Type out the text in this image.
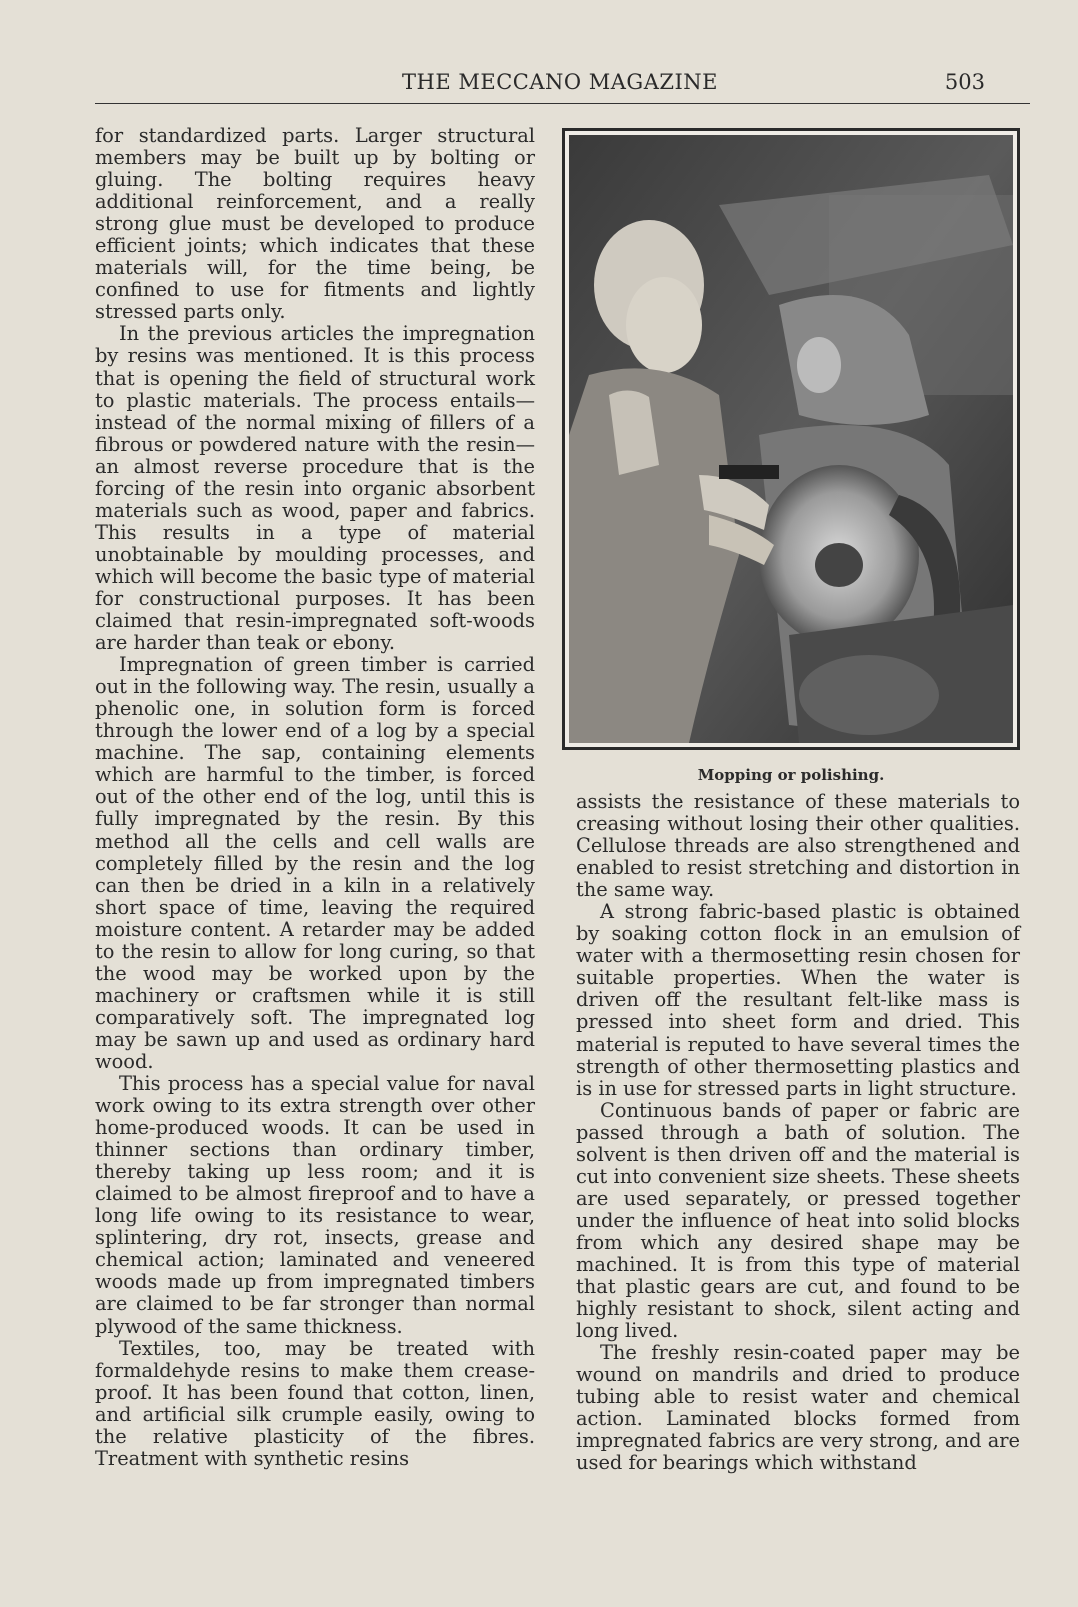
THE MECCANO MAGAZINE	503

for standardized parts. Larger structural members may be built up by bolting or gluing. The bolting requires heavy additional reinforcement, and a really strong glue must be developed to produce efficient joints; which indicates that these materials will, for the time being, be confined to use for fitments and lightly stressed parts only.

In the previous articles the impregnation by resins was mentioned. It is this process that is opening the field of structural work to plastic materials. The process entails—instead of the normal mixing of fillers of a fibrous or powdered nature with the resin—an almost reverse procedure that is the forcing of the resin into organic absorbent materials such as wood, paper and fabrics. This results in a type of material unobtainable by moulding processes, and which will become the basic type of material for constructional purposes. It has been claimed that resin-impregnated soft-woods are harder than teak or ebony.

Impregnation of green timber is carried out in the following way. The resin, usually a phenolic one, in solution form is forced through the lower end of a log by a special machine. The sap, containing elements which are harmful to the timber, is forced out of the other end of the log, until this is fully impregnated by the resin. By this method all the cells and cell walls are completely filled by the resin and the log can then be dried in a kiln in a relatively short space of time, leaving the required moisture content. A retarder may be added to the resin to allow for long curing, so that the wood may be worked upon by the machinery or craftsmen while it is still comparatively soft. The impregnated log may be sawn up and used as ordinary hard wood.

This process has a special value for naval work owing to its extra strength over other home-produced woods. It can be used in thinner sections than ordinary timber, thereby taking up less room; and it is claimed to be almost fireproof and to have a long life owing to its resistance to wear, splintering, dry rot, insects, grease and chemical action; laminated and veneered woods made up from impregnated timbers are claimed to be far stronger than normal plywood of the same thickness.

Textiles, too, may be treated with formaldehyde resins to make them crease-proof. It has been found that cotton, linen, and artificial silk crumple easily, owing to the relative plasticity of the fibres. Treatment with synthetic resins

Mopping or polishing.

assists the resistance of these materials to creasing without losing their other qualities. Cellulose threads are also strengthened and enabled to resist stretching and distortion in the same way.

A strong fabric-based plastic is obtained by soaking cotton flock in an emulsion of water with a thermosetting resin chosen for suitable properties. When the water is driven off the resultant felt-like mass is pressed into sheet form and dried. This material is reputed to have several times the strength of other thermosetting plastics and is in use for stressed parts in light structure.

Continuous bands of paper or fabric are passed through a bath of solution. The solvent is then driven off and the material is cut into convenient size sheets. These sheets are used separately, or pressed together under the influence of heat into solid blocks from which any desired shape may be machined. It is from this type of material that plastic gears are cut, and found to be highly resistant to shock, silent acting and long lived.

The freshly resin-coated paper may be wound on mandrils and dried to produce tubing able to resist water and chemical action. Laminated blocks formed from impregnated fabrics are very strong, and are used for bearings which withstand
